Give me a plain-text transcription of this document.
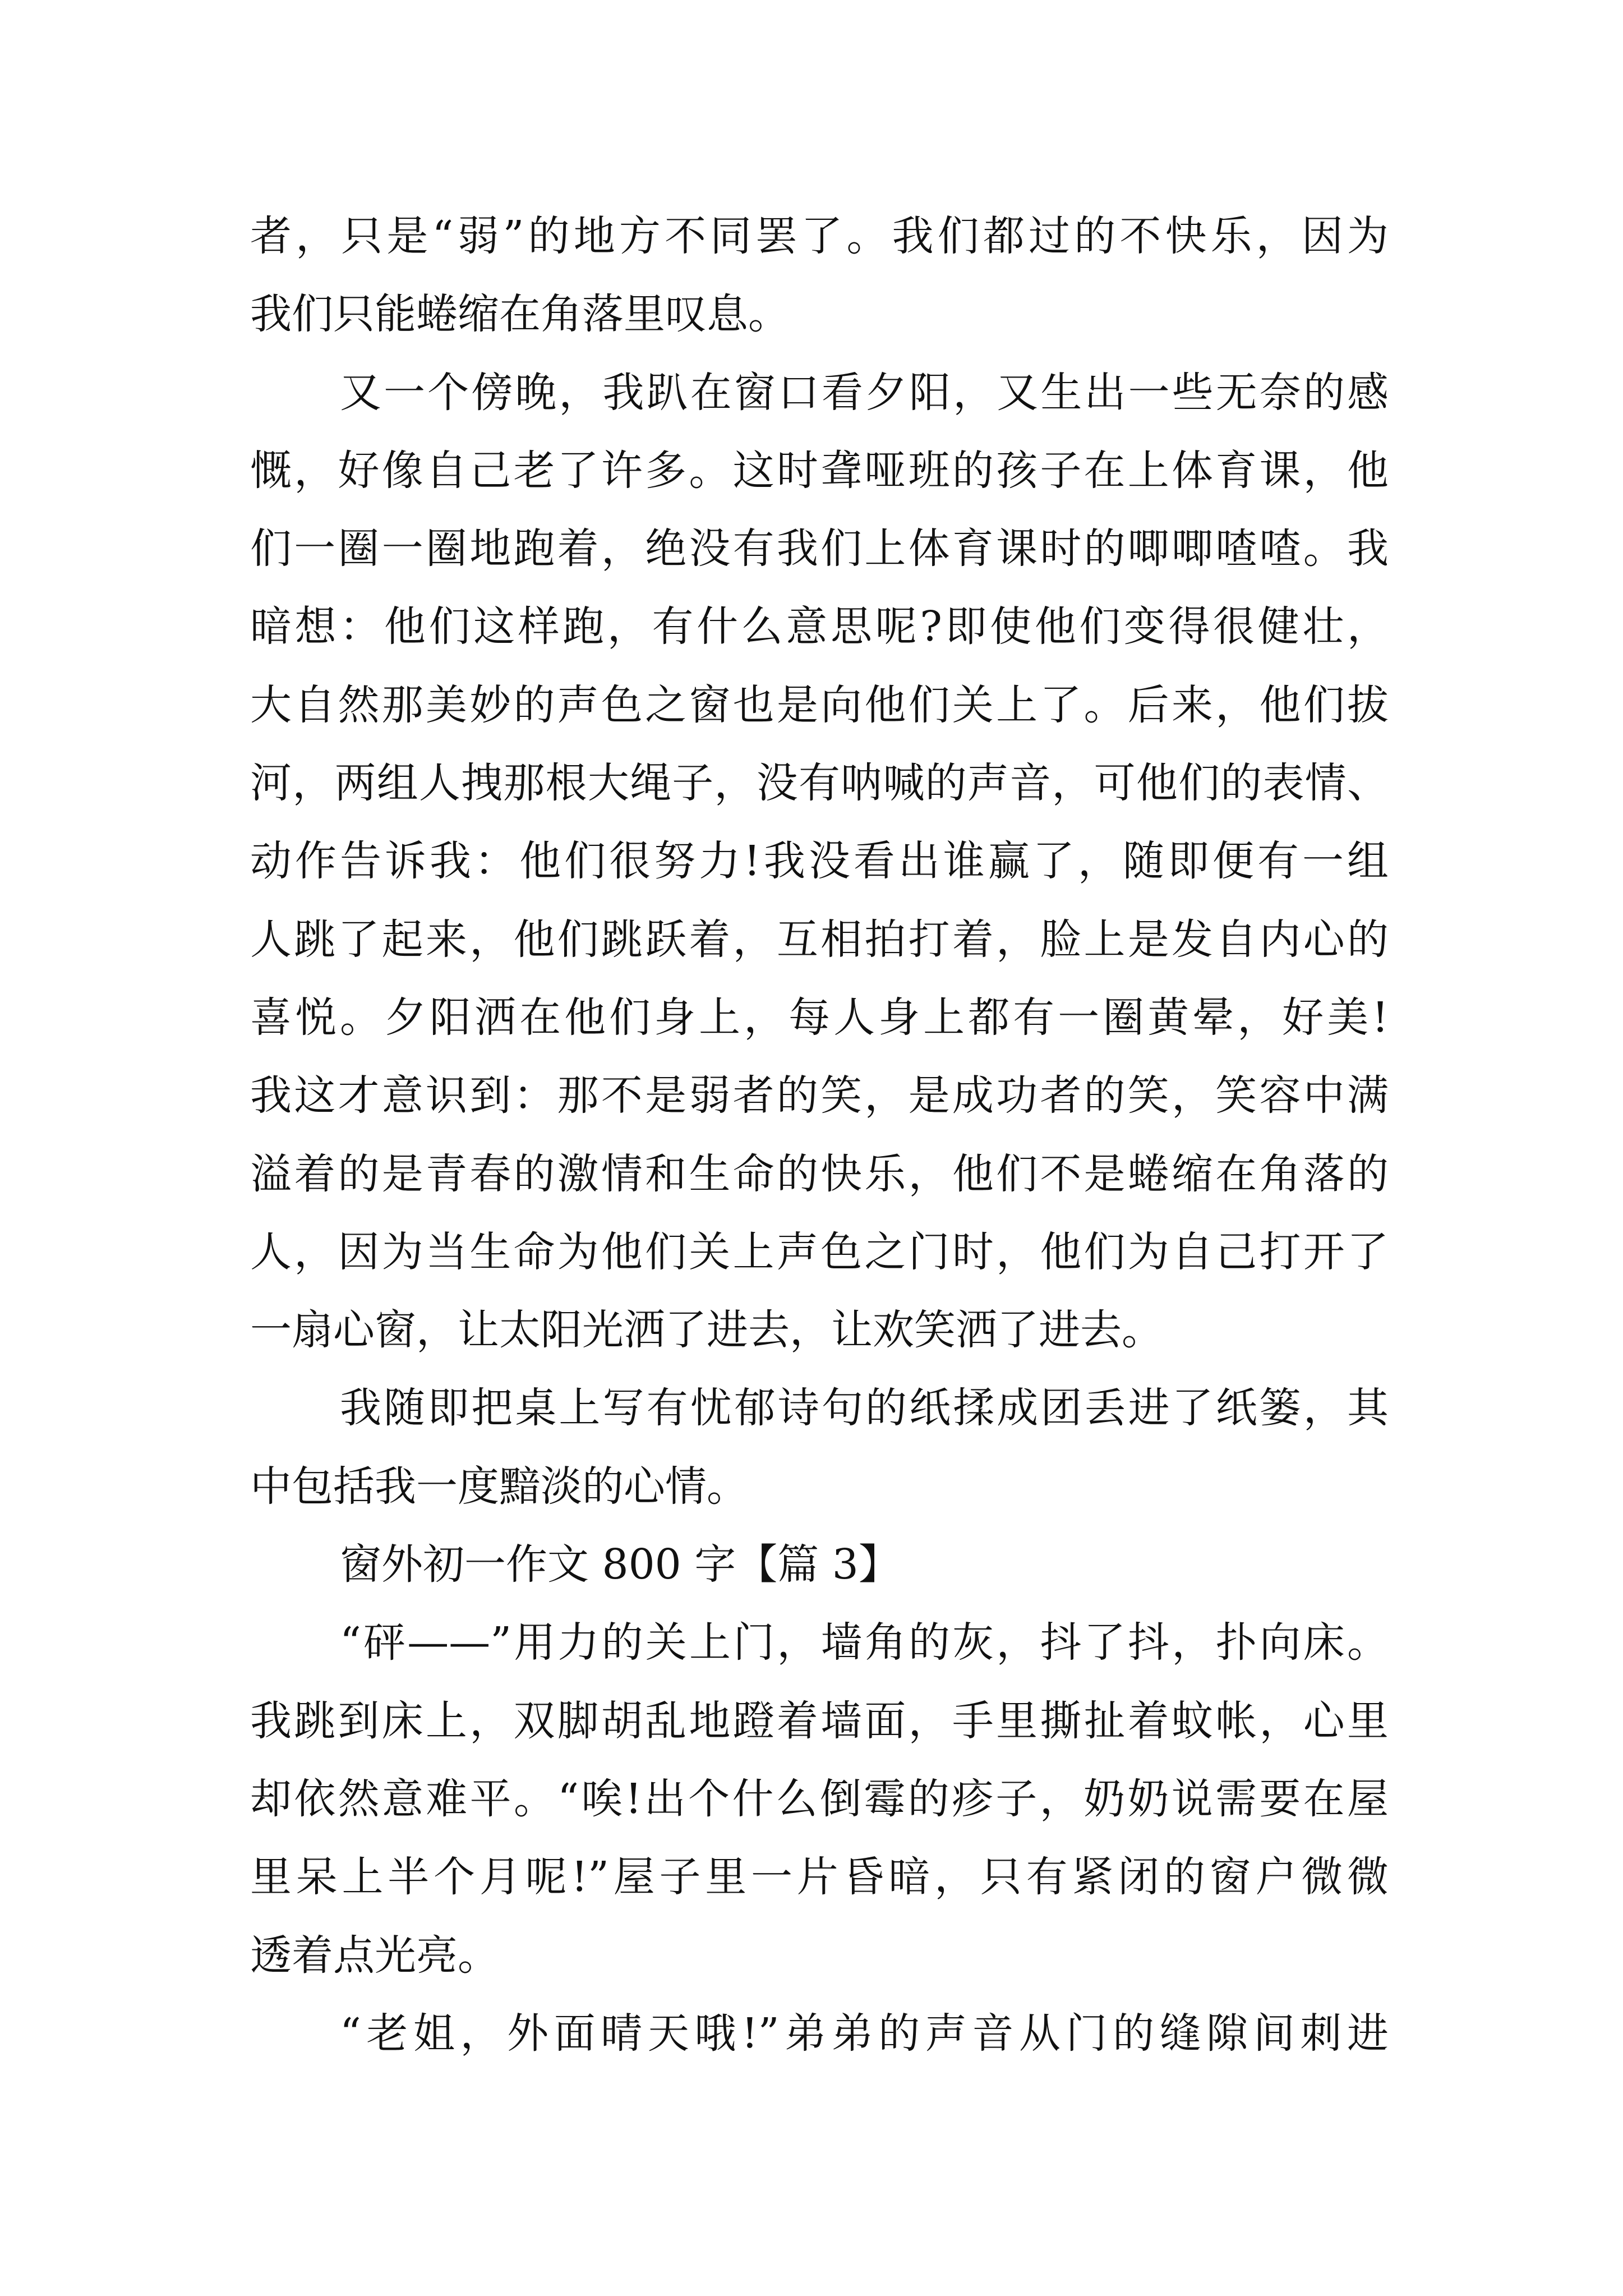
者，只是“弱”的地方不同罢了。我们都过的不快乐，因为
我们只能蜷缩在角落里叹息。
又一个傍晚，我趴在窗口看夕阳，又生出一些无奈的感
慨，好像自己老了许多。这时聋哑班的孩子在上体育课，他
们一圈一圈地跑着，绝没有我们上体育课时的唧唧喳喳。我
暗想：他们这样跑，有什么意思呢?即使他们变得很健壮，
大自然那美妙的声色之窗也是向他们关上了。后来，他们拔
河，两组人拽那根大绳子，没有呐喊的声音，可他们的表情、
动作告诉我：他们很努力!我没看出谁赢了，随即便有一组
人跳了起来，他们跳跃着，互相拍打着，脸上是发自内心的
喜悦。夕阳洒在他们身上，每人身上都有一圈黄晕，好美!
我这才意识到：那不是弱者的笑，是成功者的笑，笑容中满
溢着的是青春的激情和生命的快乐，他们不是蜷缩在角落的
人，因为当生命为他们关上声色之门时，他们为自己打开了
一扇心窗，让太阳光洒了进去，让欢笑洒了进去。
我随即把桌上写有忧郁诗句的纸揉成团丢进了纸篓，其
中包括我一度黯淡的心情。
窗外初一作文 800 字【篇 3】
“砰——”用力的关上门，墙角的灰，抖了抖，扑向床。
我跳到床上，双脚胡乱地蹬着墙面，手里撕扯着蚊帐，心里
却依然意难平。“唉!出个什么倒霉的疹子，奶奶说需要在屋
里呆上半个月呢!”屋子里一片昏暗，只有紧闭的窗户微微
透着点光亮。
“老姐，外面晴天哦!”弟弟的声音从门的缝隙间刺进
